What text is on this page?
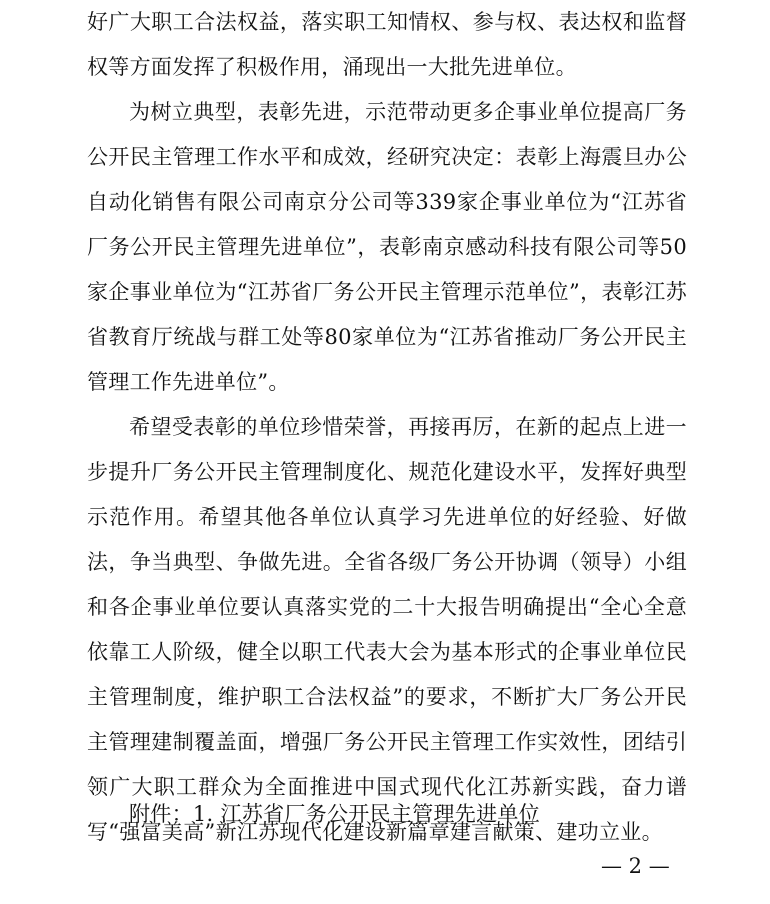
好广大职工合法权益，落实职工知情权、参与权、表达权和监督权等方面发挥了积极作用，涌现出一大批先进单位。

为树立典型，表彰先进，示范带动更多企事业单位提高厂务公开民主管理工作水平和成效，经研究决定：表彰上海震旦办公自动化销售有限公司南京分公司等339家企事业单位为“江苏省厂务公开民主管理先进单位”，表彰南京感动科技有限公司等50家企事业单位为“江苏省厂务公开民主管理示范单位”，表彰江苏省教育厅统战与群工处等80家单位为“江苏省推动厂务公开民主管理工作先进单位”。

希望受表彰的单位珍惜荣誉，再接再厉，在新的起点上进一步提升厂务公开民主管理制度化、规范化建设水平，发挥好典型示范作用。希望其他各单位认真学习先进单位的好经验、好做法，争当典型、争做先进。全省各级厂务公开协调（领导）小组和各企事业单位要认真落实党的二十大报告明确提出“全心全意依靠工人阶级，健全以职工代表大会为基本形式的企事业单位民主管理制度，维护职工合法权益”的要求，不断扩大厂务公开民主管理建制覆盖面，增强厂务公开民主管理工作实效性，团结引领广大职工群众为全面推进中国式现代化江苏新实践，奋力谱写“强富美高”新江苏现代化建设新篇章建言献策、建功立业。

附件：1. 江苏省厂务公开民主管理先进单位
— 2 —
